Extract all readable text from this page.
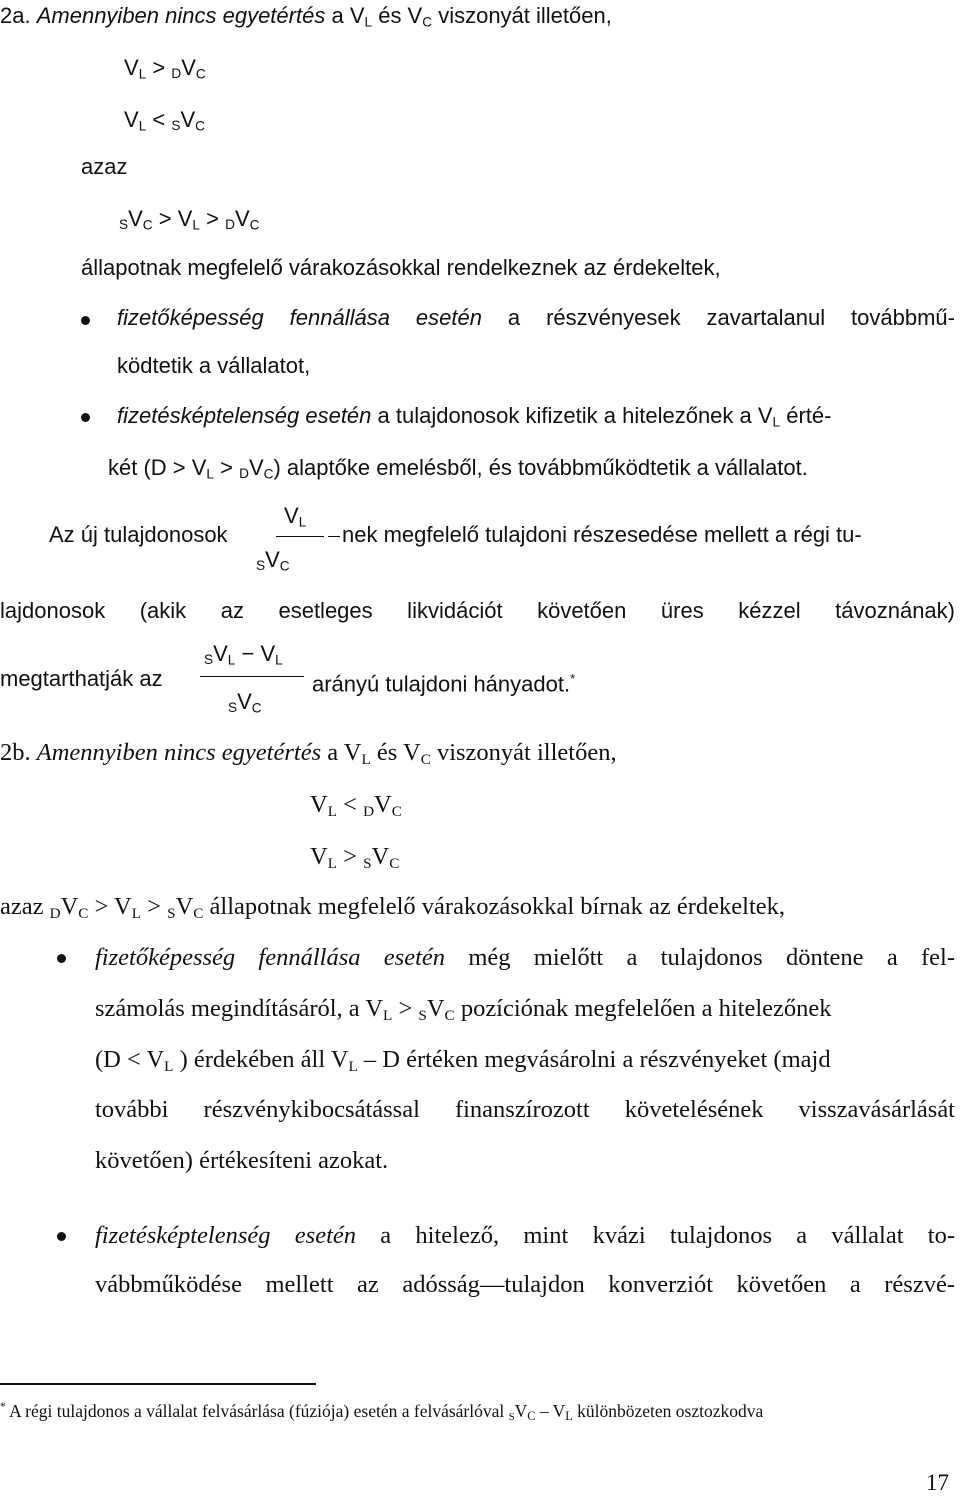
2a. Amennyiben nincs egyetértés a $V_L$ és $V_C$ viszonyát illetően,
$V_L > DV_C$
$V_L < SV_C$
azaz
$SV_C > V_L > DV_C$
állapotnak megfelelő várakozásokkal rendelkeznek az érdekeltek,
fizetőképesség fennállása esetén a részvényesek zavartalanul továbbmű-
ködtetik a vállalatot,
fizetésképtelenség esetén a tulajdonosok kifizetik a hitelezőnek a $V_L$ érté-
két $(D > V_L > DV_C)$ alaptőke emelésből, és továbbműködtetik a vállalatot.
Az új tulajdonosok
$V_L$
$SV_C$
nek megfelelő tulajdoni részesedése mellett a régi tu-
lajdonosok (akik az esetleges likvidációt követően üres kézzel távoznának)
megtarthatják az
$SV_L - V_L$
$SV_C$
arányú tulajdoni hányadot.*
2b. Amennyiben nincs egyetértés a $V_L$ és $V_C$ viszonyát illetően,
$V_L < DV_C$
$V_L > SV_C$
azaz $DV_C > V_L > SV_C$ állapotnak megfelelő várakozásokkal bírnak az érdekeltek,
fizetőképesség fennállása esetén még mielőtt a tulajdonos döntene a fel-
számolás megindításáról, a $V_L > SV_C$ pozíciónak megfelelően a hitelezőnek
($D < V_L$ ) érdekében áll $V_L$ – D értéken megvásárolni a részvényeket (majd
további részvénykibocsátással finanszírozott követelésének visszavásárlását
követően) értékesíteni azokat.
fizetésképtelenség esetén a hitelező, mint kvázi tulajdonos a vállalat to-
vábbműködése mellett az adósság—tulajdon konverziót követően a részvé-
* A régi tulajdonos a vállalat felvásárlása (fúziója) esetén a felvásárlóval $SV_C - V_L$ különbözeten osztozkodva
17
